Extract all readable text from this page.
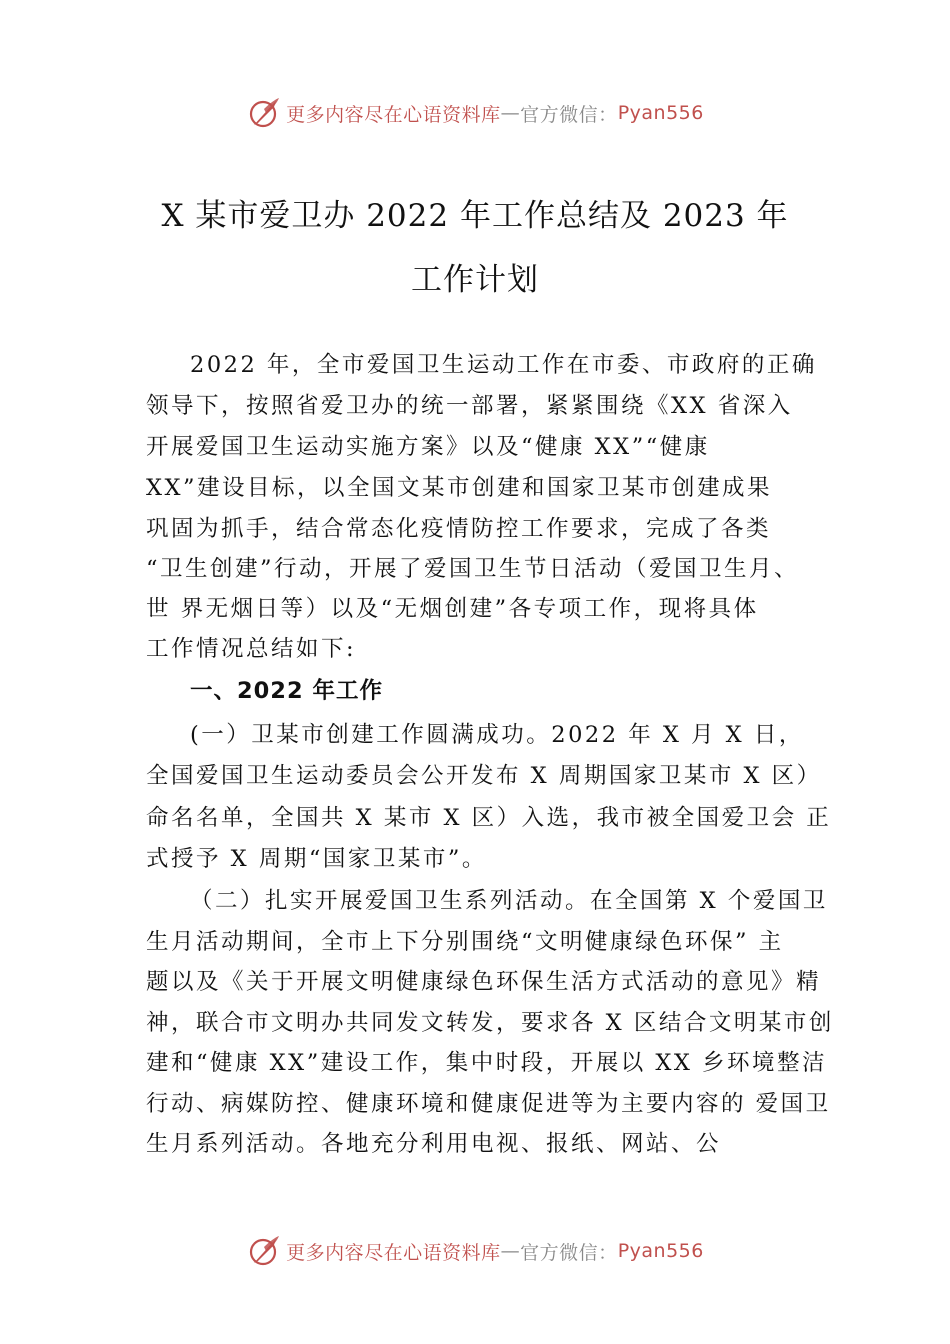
更多内容尽在心语资料库 — 官方微信： Pyan556
X 某市爱卫办 2022 年工作总结及 2023 年
工作计划
2022 年，全市爱国卫生运动工作在市委、市政府的正确
领导下，按照省爱卫办的统一部署，紧紧围绕《XX 省深入
开展爱国卫生运动实施方案》以及“健康 XX”“健康
XX”建设目标，以全国文某市创建和国家卫某市创建成果
巩固为抓手，结合常态化疫情防控工作要求，完成了各类
“卫生创建”行动，开展了爱国卫生节日活动（爱国卫生月、
世 界无烟日等）以及“无烟创建”各专项工作，现将具体
工作情况总结如下:
一、2022 年工作
(一）卫某市创建工作圆满成功。2022 年 X 月 X 日，
全国爱国卫生运动委员会公开发布 X 周期国家卫某市 X 区）
命名名单，全国共 X 某市 X 区）入选，我市被全国爱卫会 正
式授予 X 周期“国家卫某市”。
（二）扎实开展爱国卫生系列活动。在全国第 X 个爱国卫
生月活动期间，全市上下分别围绕“文明健康绿色环保” 主
题以及《关于开展文明健康绿色环保生活方式活动的意见》精
神，联合市文明办共同发文转发，要求各 X 区结合文明某市创
建和“健康 XX”建设工作，集中时段，开展以 XX 乡环境整洁
行动、病媒防控、健康环境和健康促进等为主要内容的 爱国卫
生月系列活动。各地充分利用电视、报纸、网站、公
更多内容尽在心语资料库 — 官方微信： Pyan556
